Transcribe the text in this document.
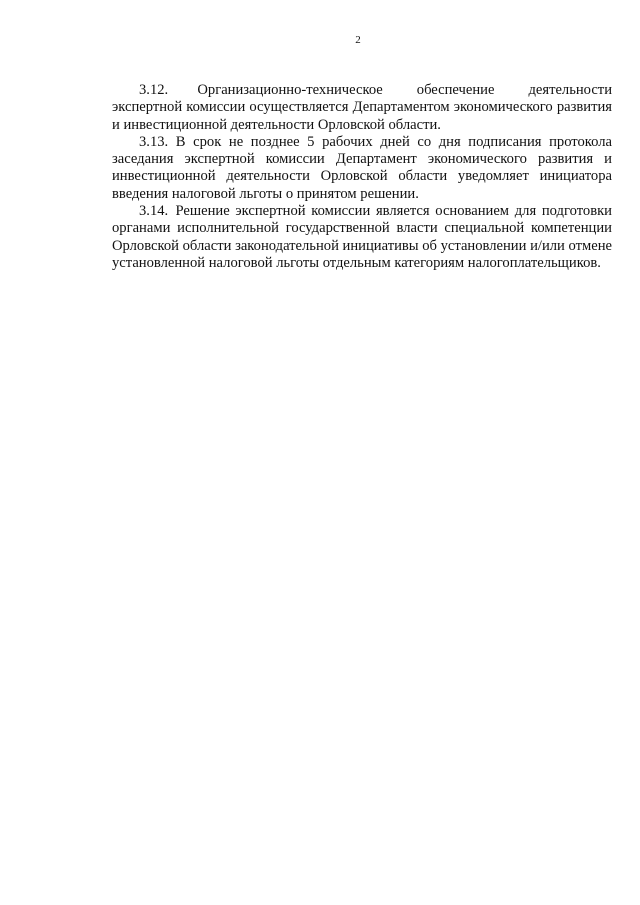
2

3.12.   Организационно-техническое обеспечение деятельности экспертной комиссии осуществляется Департаментом экономического развития и инвестиционной деятельности Орловской области.

3.13. В срок не позднее 5 рабочих дней со дня подписания протокола заседания экспертной комиссии Департамент экономического развития и инвестиционной деятельности Орловской области уведомляет инициатора введения налоговой льготы о принятом решении.

3.14.  Решение экспертной комиссии является основанием для подготовки органами исполнительной государственной власти специальной компетенции Орловской области законодательной инициативы об установлении и/или отмене установленной налоговой льготы отдельным категориям налогоплательщиков.
